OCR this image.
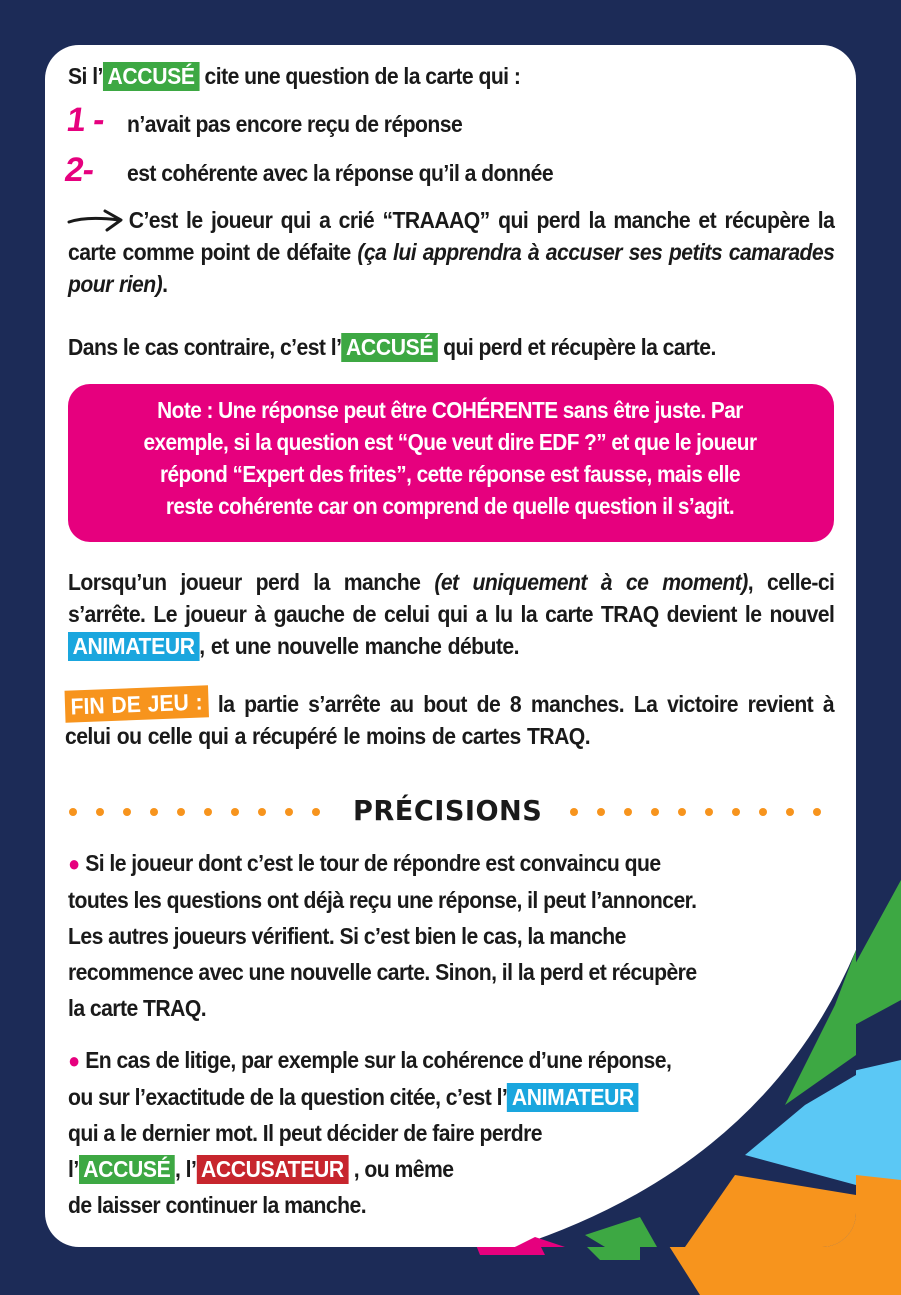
Si l’ ACCUSÉ cite une question de la carte qui :
1 - n’avait pas encore reçu de réponse
2- est cohérente avec la réponse qu’il a donnée
C’est le joueur qui a crié “TRAAAQ” qui perd la manche et récupère la carte comme point de défaite (ça lui apprendra à accuser ses petits camarades pour rien).
Dans le cas contraire, c’est l’ ACCUSÉ qui perd et récupère la carte.
Note : Une réponse peut être COHÉRENTE sans être juste. Par
exemple, si la question est “Que veut dire EDF ?” et que le joueur
répond “Expert des frites”, cette réponse est fausse, mais elle
reste cohérente car on comprend de quelle question il s’agit.
Lorsqu’un joueur perd la manche (et uniquement à ce moment), celle-ci s’arrête. Le joueur à gauche de celui qui a lu la carte TRAQ devient le nouvel ANIMATEUR , et une nouvelle manche débute.
FIN DE JEU : la partie s’arrête au bout de 8 manches. La victoire revient à celui ou celle qui a récupéré le moins de cartes TRAQ.
PRÉCISIONS
● Si le joueur dont c’est le tour de répondre est convaincu que
toutes les questions ont déjà reçu une réponse, il peut l’annoncer.
Les autres joueurs vérifient. Si c’est bien le cas, la manche
recommence avec une nouvelle carte. Sinon, il la perd et récupère
la carte TRAQ.
● En cas de litige, par exemple sur la cohérence d’une réponse,
ou sur l’exactitude de la question citée, c’est l’ ANIMATEUR
qui a le dernier mot. Il peut décider de faire perdre
l’ ACCUSÉ , l’ ACCUSATEUR , ou même
de laisser continuer la manche.
